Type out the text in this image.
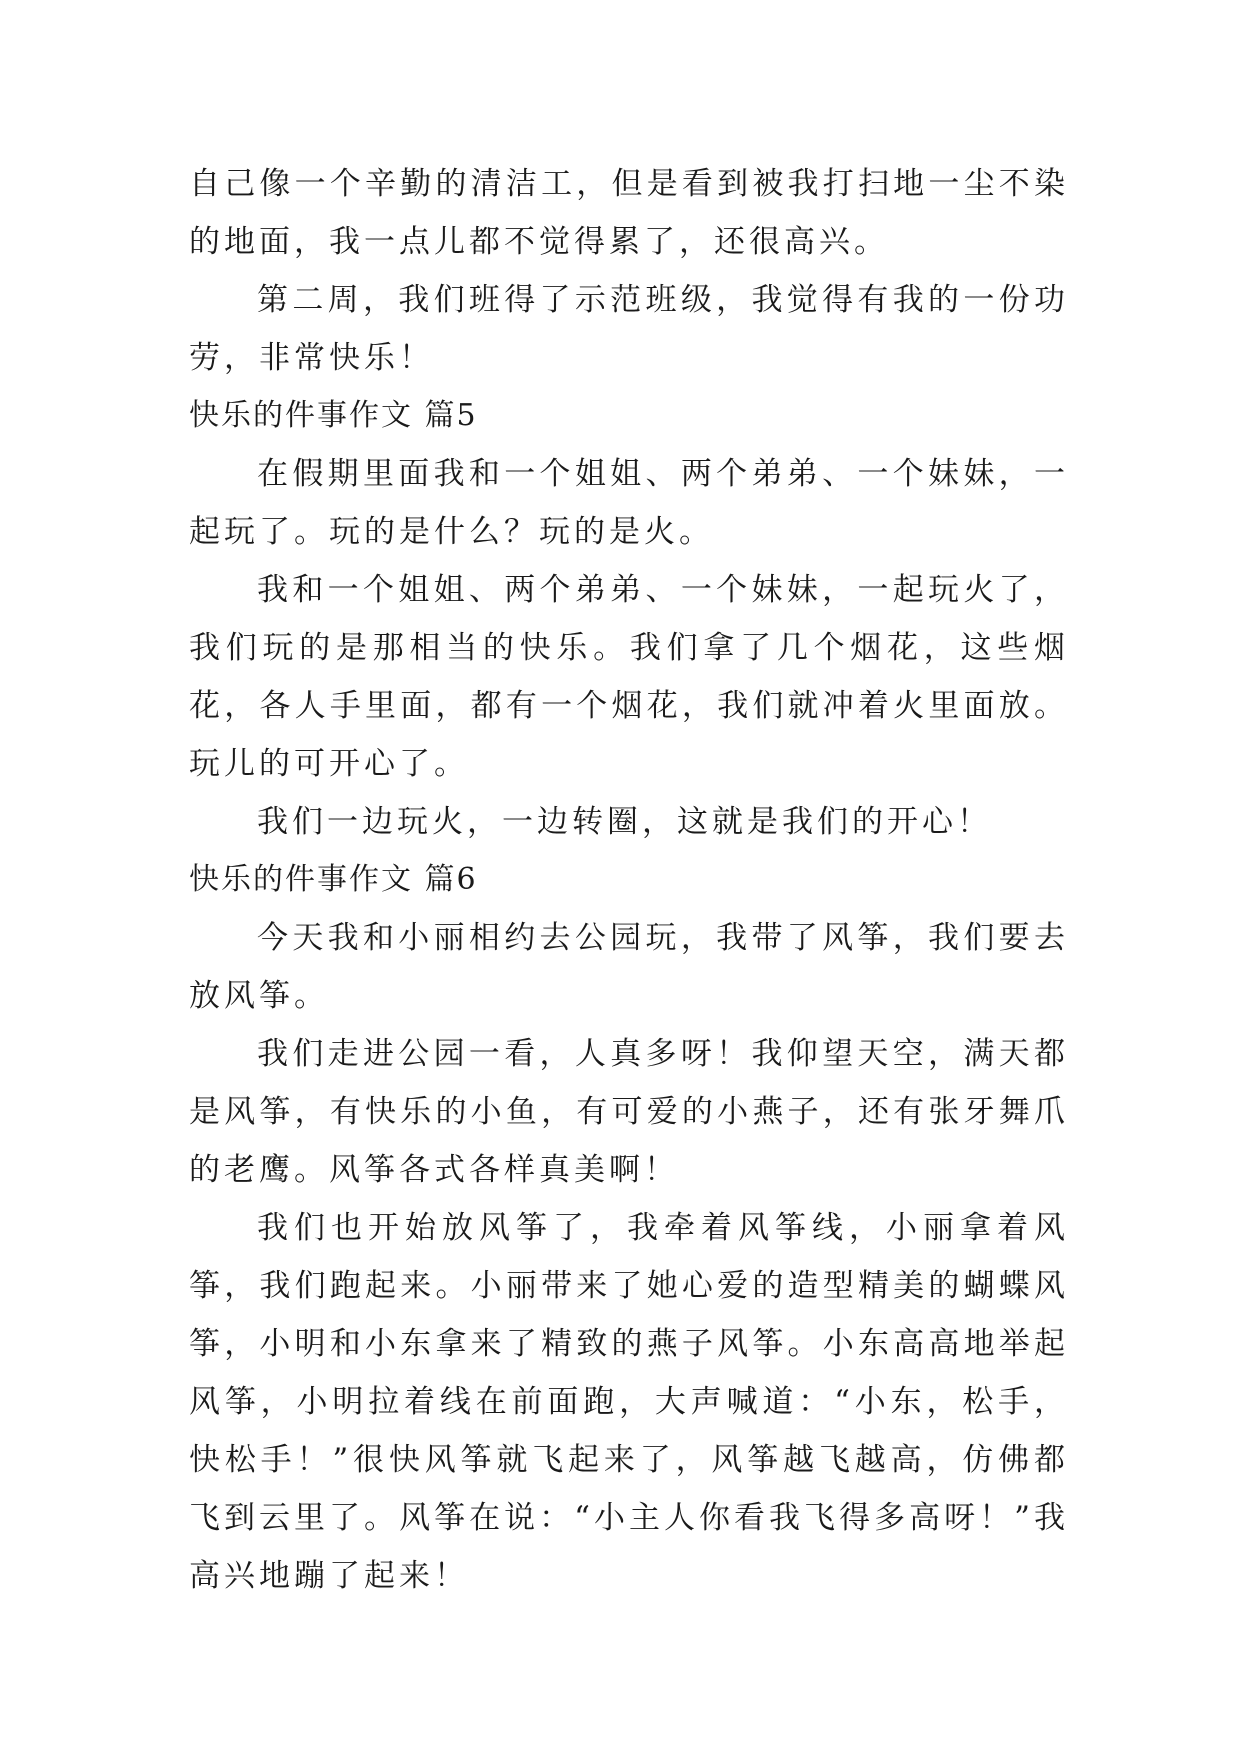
自己像一个辛勤的清洁工，但是看到被我打扫地一尘不染的地面，我一点儿都不觉得累了，还很高兴。

第二周，我们班得了示范班级，我觉得有我的一份功劳，非常快乐！

快乐的件事作文 篇5

在假期里面我和一个姐姐、两个弟弟、一个妹妹，一起玩了。玩的是什么？玩的是火。

我和一个姐姐、两个弟弟、一个妹妹，一起玩火了，我们玩的是那相当的快乐。我们拿了几个烟花，这些烟花，各人手里面，都有一个烟花，我们就冲着火里面放。玩儿的可开心了。

我们一边玩火，一边转圈，这就是我们的开心！

快乐的件事作文 篇6

今天我和小丽相约去公园玩，我带了风筝，我们要去放风筝。

我们走进公园一看，人真多呀！我仰望天空，满天都是风筝，有快乐的小鱼，有可爱的小燕子，还有张牙舞爪的老鹰。风筝各式各样真美啊！

我们也开始放风筝了，我牵着风筝线，小丽拿着风筝，我们跑起来。小丽带来了她心爱的造型精美的蝴蝶风筝，小明和小东拿来了精致的燕子风筝。小东高高地举起风筝，小明拉着线在前面跑，大声喊道：“小东，松手，快松手！”很快风筝就飞起来了，风筝越飞越高，仿佛都飞到云里了。风筝在说：“小主人你看我飞得多高呀！”我高兴地蹦了起来！
